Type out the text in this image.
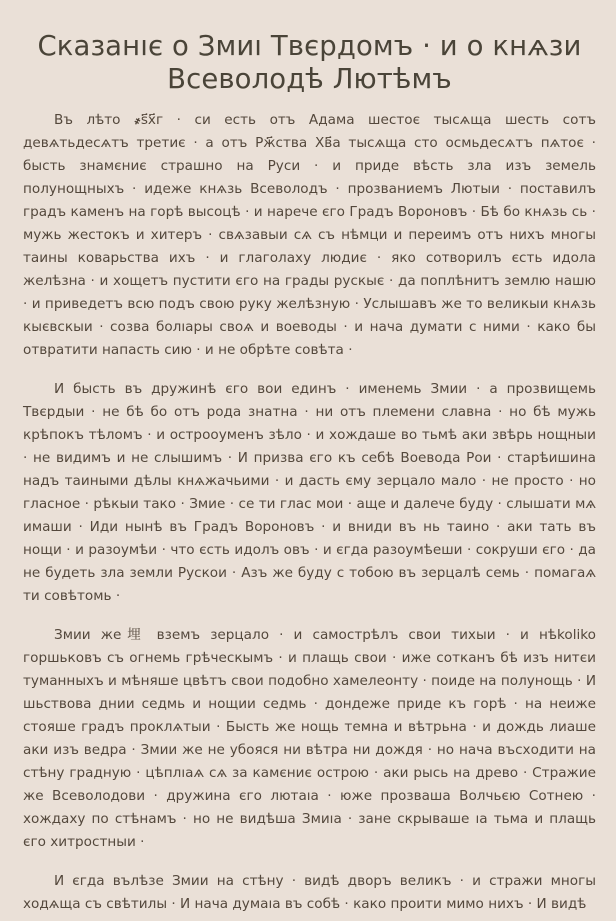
Сказанıє о Змиı Твєрдомъ · и о кнѧзи Всеволодѣ Лютѣмъ

Въ лѣто ҂ѕ҃х҃г · си есть отъ Адама шестоє тысѧща шесть сотъ девѧтьдесѧтъ третиє · а отъ Рж҃ства Хв҃а тысѧща сто осмьдесѧтъ пѧтоє · бысть знамєниє страшно на Руси · и приде вѣсть зла изъ земель полунощныхъ · идеже кнѧзь Всеволодъ · прозваниемъ Лютыи · поставилъ градъ каменъ на горѣ высоцѣ · и нарече єго Градъ Вороновъ · Бѣ бо кнѧзь сь · мужь жестокъ и хитеръ · свѧзавыи сѧ съ нѣмци и переимъ отъ нихъ многы таины коварьства ихъ · и глаголаху людиє · яко сотворилъ єсть идола желѣзна · и хощетъ пустити єго на грады рускыє · да поплѣнитъ землю нашю · и приведетъ всю подъ свою руку желѣзную · Услышавъ же то великыи кнѧзь кыєвскыи · созва болıары своѧ и воеводы · и нача думати с ними · како бы отвратити напасть сию · и не обрѣте совѣта ·

И бысть въ дружинѣ єго вои единъ · именемь Змии · а прозвищемь Твєрдыи · не бѣ бо отъ рода знатна · ни отъ племени славна · но бѣ мужь крѣпокъ тѣломъ · и острооуменъ зѣло · и хождаше во тьмѣ аки звѣрь нощныи · не видимъ и не слышимъ · И призва єго къ себѣ Воевода Рои · старѣишина надъ таиными дѣлы кнѧжачьими · и дасть єму зерцало мало · не просто · но гласное · рѣкыи тако · Змие · се ти глас мои · аще и далече буду · слышати мѧ имаши · Иди нынѣ въ Градъ Вороновъ · и вниди въ нь таино · аки тать въ нощи · и разоумѣи · что єсть идолъ овъ · и єгда разоумѣеши · сокруши єго · да не будеть зла земли Рускои · Азъ же буду с тобою въ зерцалѣ семь · помагаѧ ти совѣтомь ·

Змии же埋 вземъ зерцало · и самострѣлъ свои тихыи · и нѣkoliko горшьковъ съ огнемь грѣческымъ · и плащь свои · иже сотканъ бѣ изъ нитєи туманныхъ и мѣняше цвѣтъ свои подобно хамелеонту · поиде на полунощь · И шьствова днии седмь и нощии седмь · дондеже приде къ горѣ · на неиже стояше градъ проклѧтыи · Бысть же нощь темна и вѣтрьна · и дождь лиаше аки изъ ведра · Змии же не убояся ни вѣтра ни дождя · но нача въсходити на стѣну градную · цѣплıаѧ сѧ за камєниє острою · аки рысь на древо · Стражие же Всеволодови · дружина єго лютаıа · юже прозваша Волчьєю Сотнею · хождаху по стѣнамъ · но не видѣша Змиıа · зане скрываше ıа тьма и плащь єго хитростныи ·

И єгда вълѣзе Змии на стѣну · видѣ дворъ великъ · и стражи многы ходѧща съ свѣтилы · И нача думаıа въ собѣ · како проити мимо нихъ · И видѣ
